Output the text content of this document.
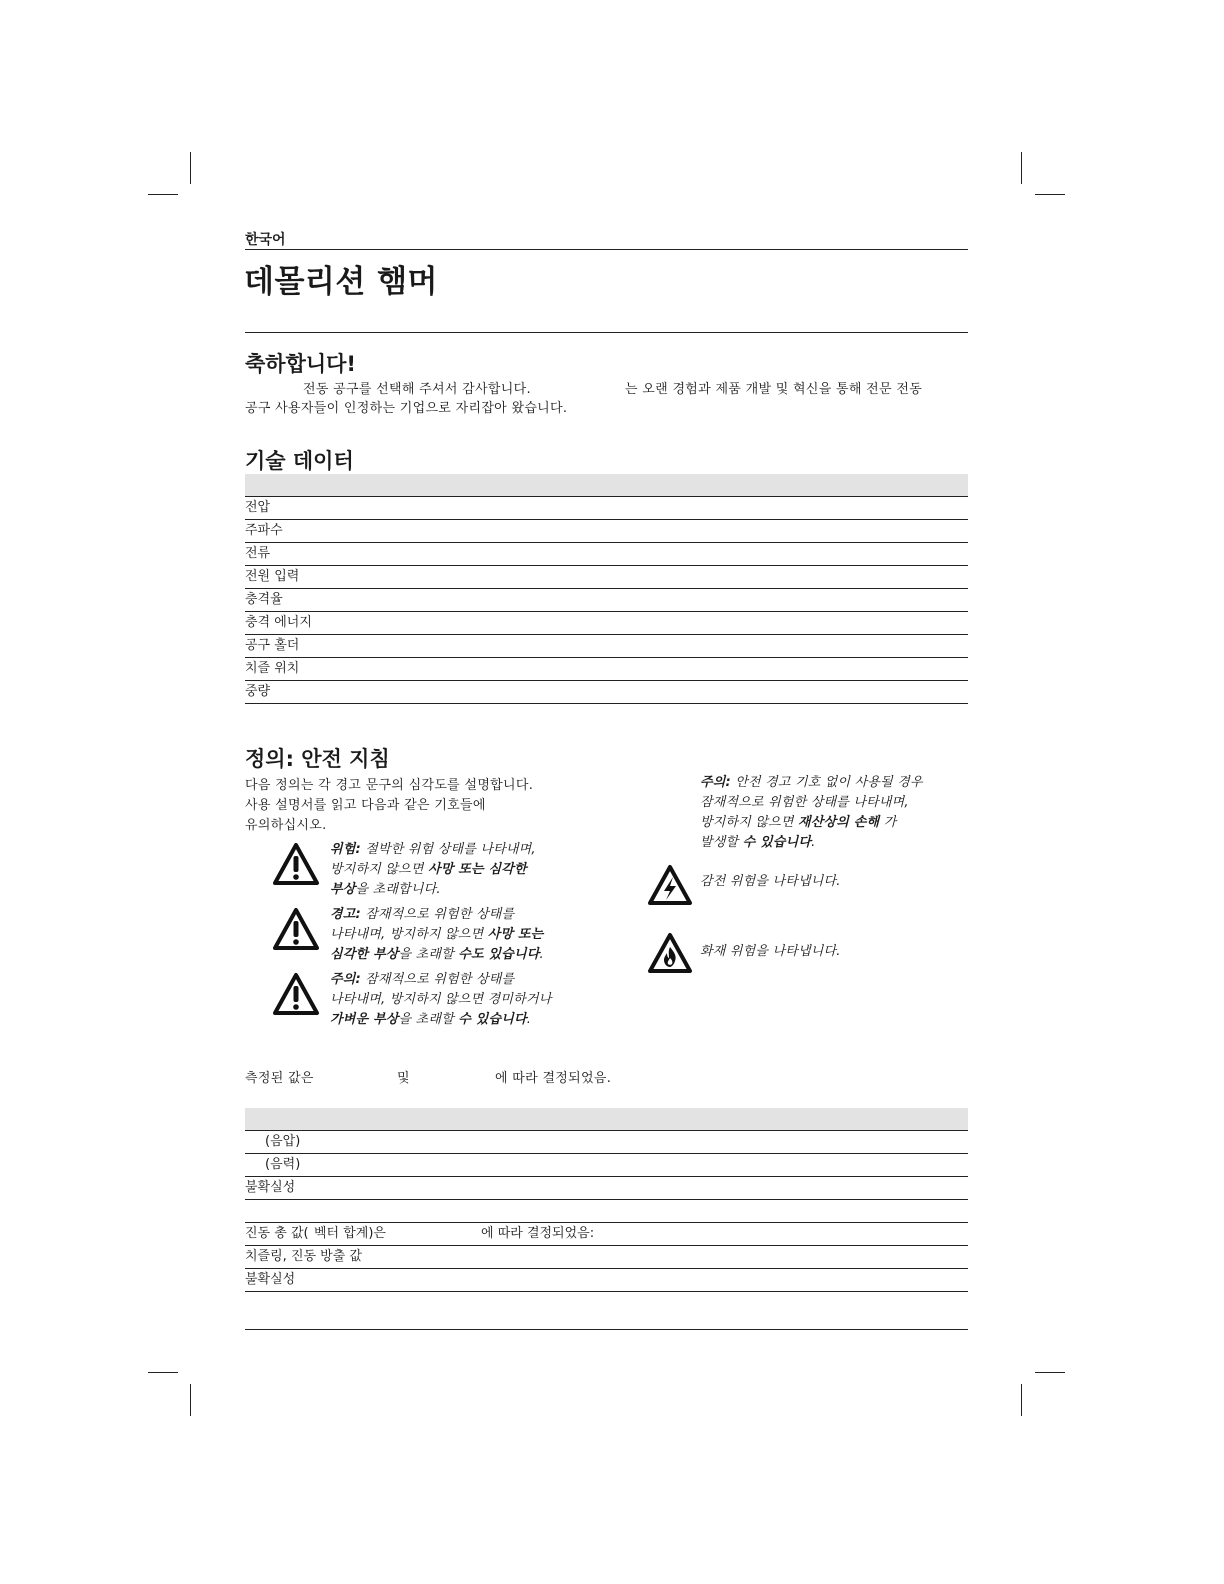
한국어
데몰리션 햄머
축하합니다!
전동 공구를 선택해 주셔서 감사합니다.	는 오랜 경험과 제품 개발 및 혁신을 통해 전문 전동
공구 사용자들이 인정하는 기업으로 자리잡아 왔습니다.
기술 데이터
전압
주파수
전류
전원 입력
충격율
충격 에너지
공구 홀더
치즐 위치
중량
정의: 안전 지침
다음 정의는 각 경고 문구의 심각도를 설명합니다.
사용 설명서를 읽고 다음과 같은 기호들에
유의하십시오.
위험: 절박한 위험 상태를 나타내며,
방지하지 않으면 사망 또는 심각한
부상을 초래합니다.
경고: 잠재적으로 위험한 상태를
나타내며, 방지하지 않으면 사망 또는
심각한 부상을 초래할 수도 있습니다.
주의: 잠재적으로 위험한 상태를
나타내며, 방지하지 않으면 경미하거나
가벼운 부상을 초래할 수 있습니다.
주의: 안전 경고 기호 없이 사용될 경우
잠재적으로 위험한 상태를 나타내며,
방지하지 않으면 재산상의 손해 가
발생할 수 있습니다.
감전 위험을 나타냅니다.
화재 위험을 나타냅니다.
측정된 값은	및	에 따라 결정되었음.
(음압)
(음력)
불확실성
진동 총 값( 벡터 합계)은	에 따라 결정되었음:
치즐링, 진동 방출 값
불확실성
